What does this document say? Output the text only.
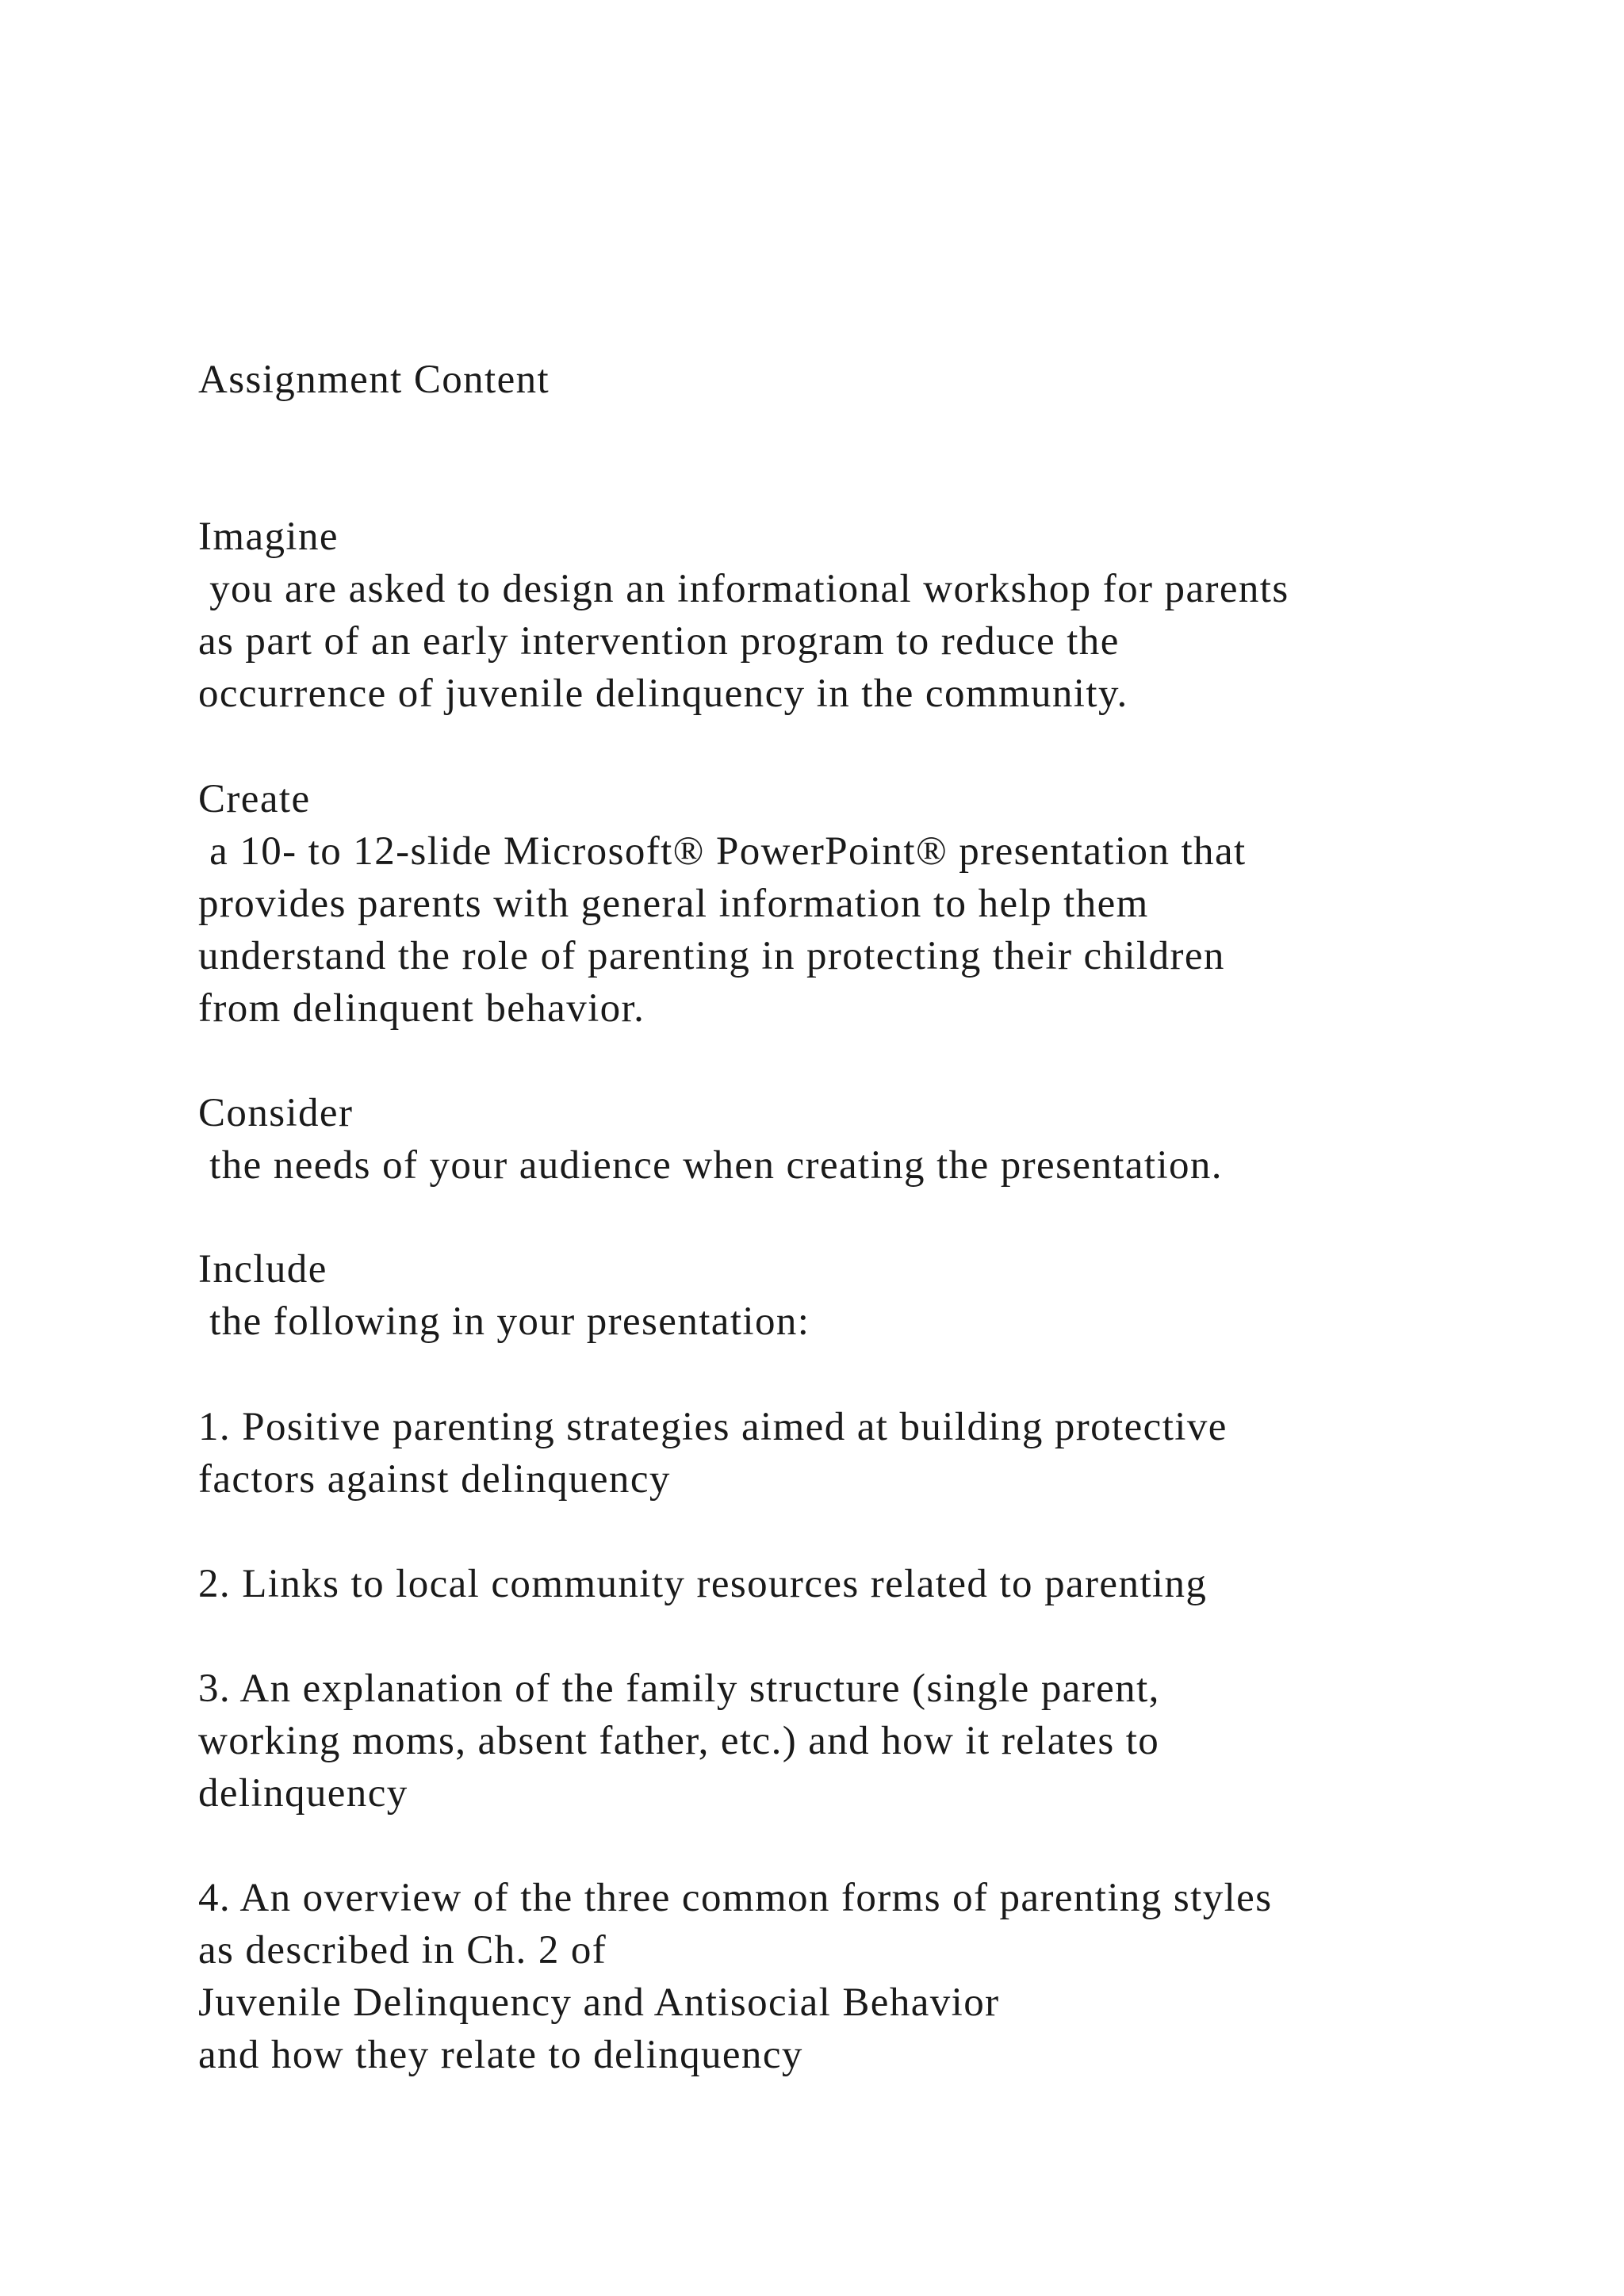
Assignment Content

Imagine

you are asked to design an informational workshop for parents

as part of an early intervention program to reduce the

occurrence of juvenile delinquency in the community.

Create

a 10- to 12-slide Microsoft® PowerPoint® presentation that

provides parents with general information to help them

understand the role of parenting in protecting their children

from delinquent behavior.

Consider

the needs of your audience when creating the presentation.

Include

the following in your presentation:

1. Positive parenting strategies aimed at building protective

factors against delinquency

2. Links to local community resources related to parenting

3. An explanation of the family structure (single parent,

working moms, absent father, etc.) and how it relates to

delinquency

4. An overview of the three common forms of parenting styles

as described in Ch. 2 of

Juvenile Delinquency and Antisocial Behavior

and how they relate to delinquency
